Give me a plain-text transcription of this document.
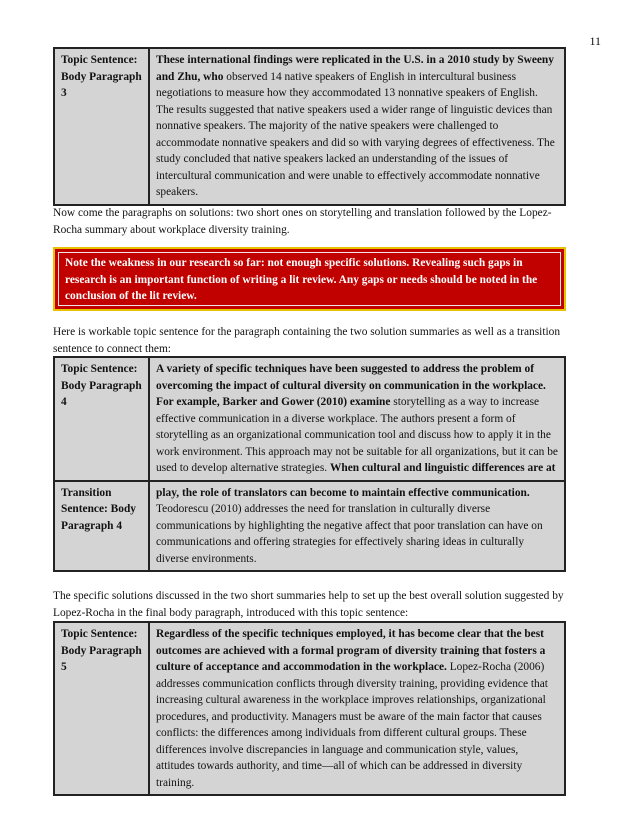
11
Topic Sentence: Body Paragraph 3
These international findings were replicated in the U.S. in a 2010 study by Sweeny and Zhu, who observed 14 native speakers of English in intercultural business negotiations to measure how they accommodated 13 nonnative speakers of English. The results suggested that native speakers used a wider range of linguistic devices than nonnative speakers. The majority of the native speakers were challenged to accommodate nonnative speakers and did so with varying degrees of effectiveness. The study concluded that native speakers lacked an understanding of the issues of intercultural communication and were unable to effectively accommodate nonnative speakers.
Now come the paragraphs on solutions: two short ones on storytelling and translation followed by the Lopez-Rocha summary about workplace diversity training.
Note the weakness in our research so far: not enough specific solutions. Revealing such gaps in research is an important function of writing a lit review. Any gaps or needs should be noted in the conclusion of the lit review.
Here is workable topic sentence for the paragraph containing the two solution summaries as well as a transition sentence to connect them:
Topic Sentence: Body Paragraph 4
A variety of specific techniques have been suggested to address the problem of overcoming the impact of cultural diversity on communication in the workplace. For example, Barker and Gower (2010) examine storytelling as a way to increase effective communication in a diverse workplace. The authors present a form of storytelling as an organizational communication tool and discuss how to apply it in the work environment. This approach may not be suitable for all organizations, but it can be used to develop alternative strategies. When cultural and linguistic differences are at
Transition Sentence: Body Paragraph 4
play, the role of translators can become to maintain effective communication. Teodorescu (2010) addresses the need for translation in culturally diverse communications by highlighting the negative affect that poor translation can have on communications and offering strategies for effectively sharing ideas in culturally diverse environments.
The specific solutions discussed in the two short summaries help to set up the best overall solution suggested by Lopez-Rocha in the final body paragraph, introduced with this topic sentence:
Topic Sentence: Body Paragraph 5
Regardless of the specific techniques employed, it has become clear that the best outcomes are achieved with a formal program of diversity training that fosters a culture of acceptance and accommodation in the workplace. Lopez-Rocha (2006) addresses communication conflicts through diversity training, providing evidence that increasing cultural awareness in the workplace improves relationships, organizational procedures, and productivity. Managers must be aware of the main factor that causes conflicts: the differences among individuals from different cultural groups. These differences involve discrepancies in language and communication style, values, attitudes towards authority, and time—all of which can be addressed in diversity training.
